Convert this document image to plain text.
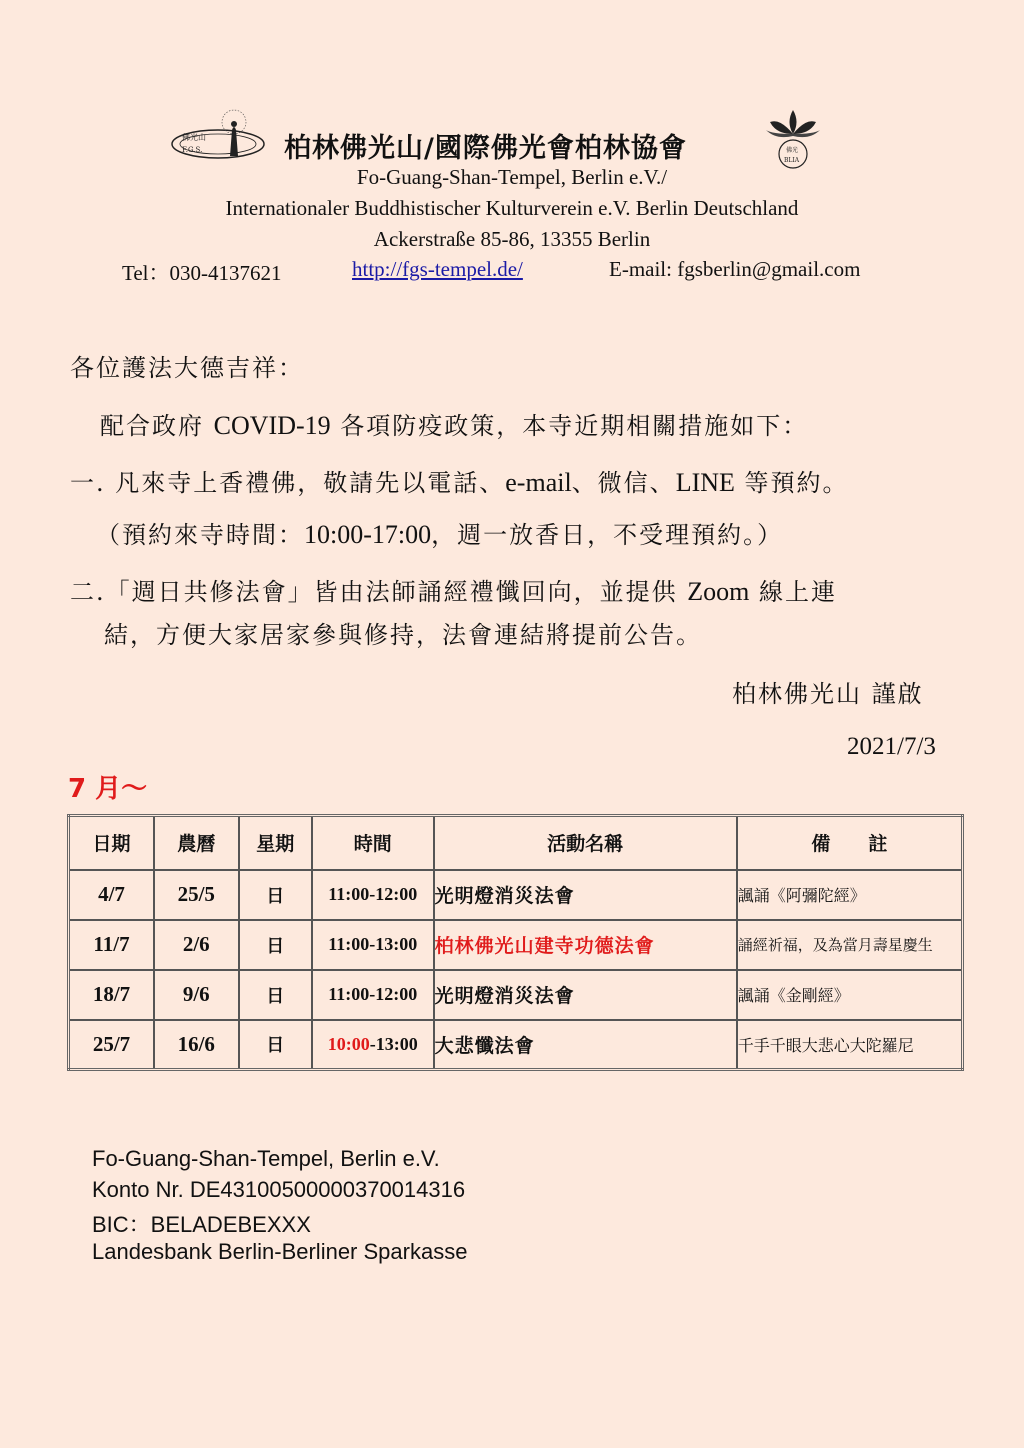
佛光山
F.G.S.	柏林佛光山/國際佛光會柏林協會	佛光
BLIA
Fo-Guang-Shan-Tempel, Berlin e.V./
Internationaler Buddhistischer Kulturverein e.V. Berlin Deutschland
Ackerstraße 85-86, 13355 Berlin
Tel：030-4137621	http://fgs-tempel.de/	E-mail: fgsberlin@gmail.com
各位護法大德吉祥：
配合政府 COVID-19 各項防疫政策，本寺近期相關措施如下：
一. 凡來寺上香禮佛，敬請先以電話、e-mail、微信、LINE 等預約。
（預約來寺時間：10:00-17:00，週一放香日，不受理預約。）
二.「週日共修法會」皆由法師誦經禮懺回向，並提供 Zoom 線上連
結，方便大家居家參與修持，法會連結將提前公告。
柏林佛光山 謹啟
2021/7/3
7 月～
日期	農曆	星期	時間	活動名稱	備　　註
4/7	25/5	日	11:00-12:00	光明燈消災法會	諷誦《阿彌陀經》
11/7	2/6	日	11:00-13:00	柏林佛光山建寺功德法會	誦經祈福，及為當月壽星慶生
18/7	9/6	日	11:00-12:00	光明燈消災法會	諷誦《金剛經》
25/7	16/6	日	10:00-13:00	大悲懺法會	千手千眼大悲心大陀羅尼
Fo-Guang-Shan-Tempel, Berlin e.V.
Konto Nr. DE43100500000370014316
BIC：BELADEBEXXX
Landesbank Berlin-Berliner Sparkasse
